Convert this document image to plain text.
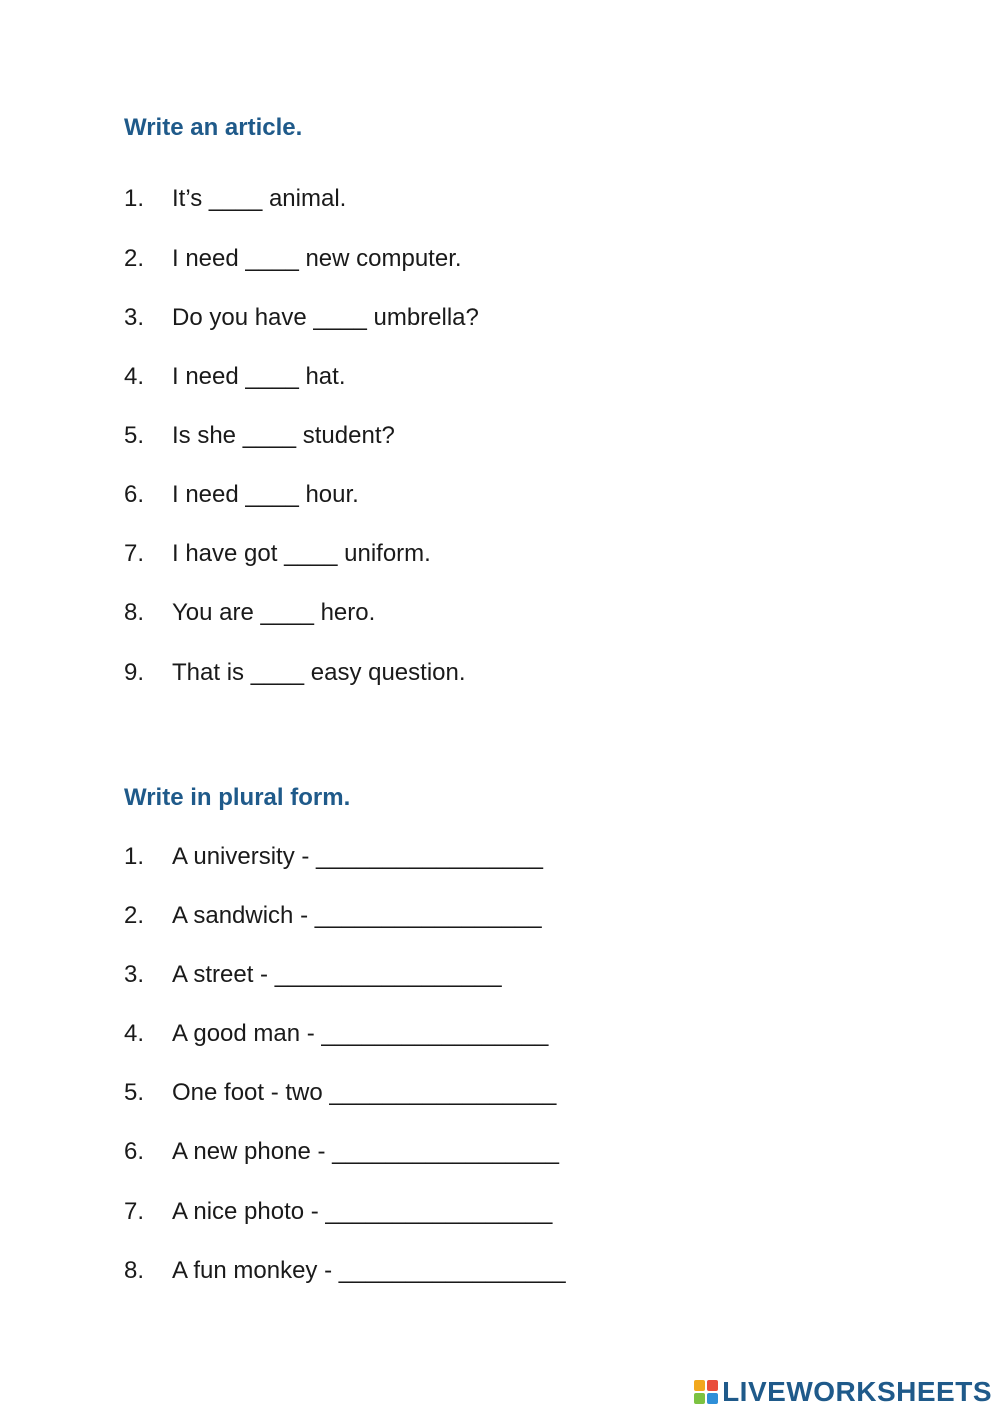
Write an article.
1. It’s ____ animal.
2. I need ____ new computer.
3. Do you have ____ umbrella?
4. I need ____ hat.
5. Is she ____ student?
6. I need ____ hour.
7. I have got ____ uniform.
8. You are ____ hero.
9. That is ____ easy question.
Write in plural form.
1. A university - _________________
2. A sandwich - _________________
3. A street - _________________
4. A good man - _________________
5. One foot - two _________________
6. A new phone - _________________
7. A nice photo - _________________
8. A fun monkey - _________________
LIVEWORKSHEETS
